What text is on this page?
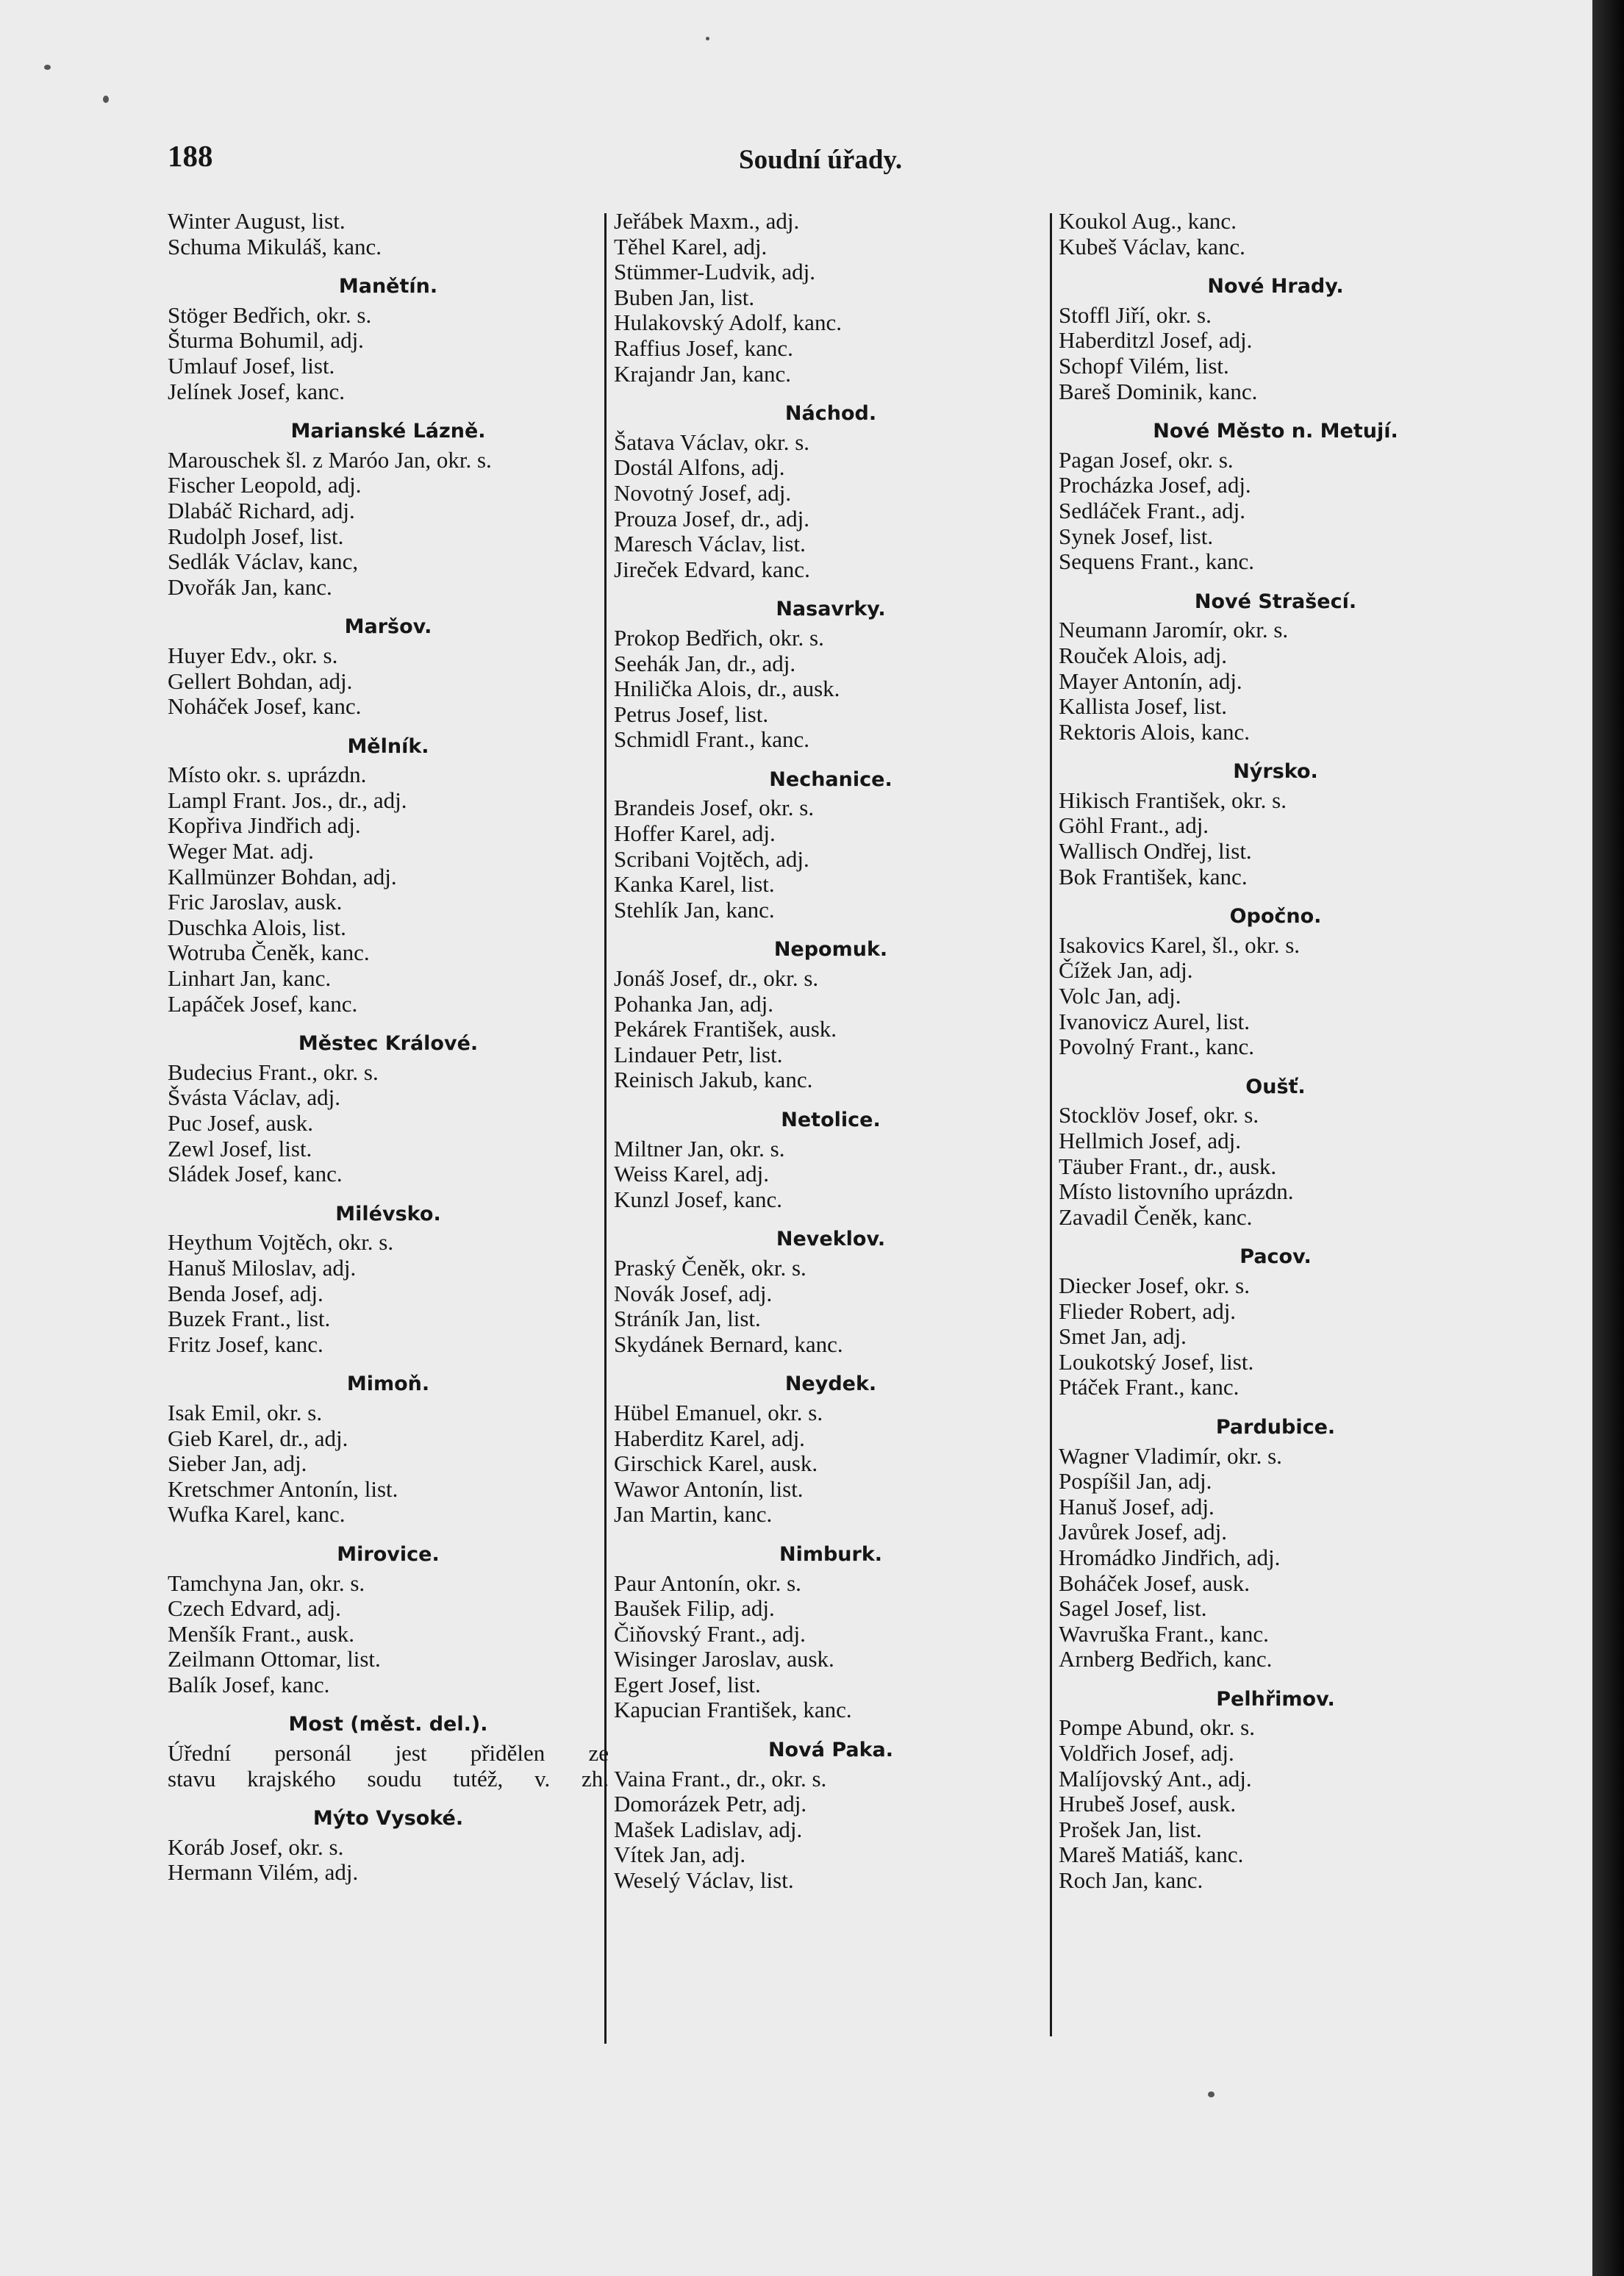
188	Soudní úřady.
Winter August, list.
Schuma Mikuláš, kanc.
Manětín.
Stöger Bedřich, okr. s.
Šturma Bohumil, adj.
Umlauf Josef, list.
Jelínek Josef, kanc.
Marianské Lázně.
Marouschek šl. z Maróo Jan, okr. s.
Fischer Leopold, adj.
Dlabáč Richard, adj.
Rudolph Josef, list.
Sedlák Václav, kanc,
Dvořák Jan, kanc.
Maršov.
Huyer Edv., okr. s.
Gellert Bohdan, adj.
Noháček Josef, kanc.
Mělník.
Místo okr. s. uprázdn.
Lampl Frant. Jos., dr., adj.
Kopřiva Jindřich adj.
Weger Mat. adj.
Kallmünzer Bohdan, adj.
Fric Jaroslav, ausk.
Duschka Alois, list.
Wotruba Čeněk, kanc.
Linhart Jan, kanc.
Lapáček Josef, kanc.
Městec Králové.
Budecius Frant., okr. s.
Švásta Václav, adj.
Puc Josef, ausk.
Zewl Josef, list.
Sládek Josef, kanc.
Milévsko.
Heythum Vojtěch, okr. s.
Hanuš Miloslav, adj.
Benda Josef, adj.
Buzek Frant., list.
Fritz Josef, kanc.
Mimoň.
Isak Emil, okr. s.
Gieb Karel, dr., adj.
Sieber Jan, adj.
Kretschmer Antonín, list.
Wufka Karel, kanc.
Mirovice.
Tamchyna Jan, okr. s.
Czech Edvard, adj.
Menšík Frant., ausk.
Zeilmann Ottomar, list.
Balík Josef, kanc.
Most (měst. del.).
Úřední personál jest přidělen ze
stavu krajského soudu tutéž, v. zh.
Mýto Vysoké.
Koráb Josef, okr. s.
Hermann Vilém, adj.
Jeřábek Maxm., adj.
Těhel Karel, adj.
Stümmer-Ludvik, adj.
Buben Jan, list.
Hulakovský Adolf, kanc.
Raffius Josef, kanc.
Krajandr Jan, kanc.
Náchod.
Šatava Václav, okr. s.
Dostál Alfons, adj.
Novotný Josef, adj.
Prouza Josef, dr., adj.
Maresch Václav, list.
Jireček Edvard, kanc.
Nasavrky.
Prokop Bedřich, okr. s.
Seehák Jan, dr., adj.
Hnilička Alois, dr., ausk.
Petrus Josef, list.
Schmidl Frant., kanc.
Nechanice.
Brandeis Josef, okr. s.
Hoffer Karel, adj.
Scribani Vojtěch, adj.
Kanka Karel, list.
Stehlík Jan, kanc.
Nepomuk.
Jonáš Josef, dr., okr. s.
Pohanka Jan, adj.
Pekárek František, ausk.
Lindauer Petr, list.
Reinisch Jakub, kanc.
Netolice.
Miltner Jan, okr. s.
Weiss Karel, adj.
Kunzl Josef, kanc.
Neveklov.
Praský Čeněk, okr. s.
Novák Josef, adj.
Stráník Jan, list.
Skydánek Bernard, kanc.
Neydek.
Hübel Emanuel, okr. s.
Haberditz Karel, adj.
Girschick Karel, ausk.
Wawor Antonín, list.
Jan Martin, kanc.
Nimburk.
Paur Antonín, okr. s.
Baušek Filip, adj.
Čiňovský Frant., adj.
Wisinger Jaroslav, ausk.
Egert Josef, list.
Kapucian František, kanc.
Nová Paka.
Vaina Frant., dr., okr. s.
Domorázek Petr, adj.
Mašek Ladislav, adj.
Vítek Jan, adj.
Weselý Václav, list.
Koukol Aug., kanc.
Kubeš Václav, kanc.
Nové Hrady.
Stoffl Jiří, okr. s.
Haberditzl Josef, adj.
Schopf Vilém, list.
Bareš Dominik, kanc.
Nové Město n. Metují.
Pagan Josef, okr. s.
Procházka Josef, adj.
Sedláček Frant., adj.
Synek Josef, list.
Sequens Frant., kanc.
Nové Strašecí.
Neumann Jaromír, okr. s.
Rouček Alois, adj.
Mayer Antonín, adj.
Kallista Josef, list.
Rektoris Alois, kanc.
Nýrsko.
Hikisch František, okr. s.
Göhl Frant., adj.
Wallisch Ondřej, list.
Bok František, kanc.
Opočno.
Isakovics Karel, šl., okr. s.
Čížek Jan, adj.
Volc Jan, adj.
Ivanovicz Aurel, list.
Povolný Frant., kanc.
Oušť.
Stocklöv Josef, okr. s.
Hellmich Josef, adj.
Täuber Frant., dr., ausk.
Místo listovního uprázdn.
Zavadil Čeněk, kanc.
Pacov.
Diecker Josef, okr. s.
Flieder Robert, adj.
Smet Jan, adj.
Loukotský Josef, list.
Ptáček Frant., kanc.
Pardubice.
Wagner Vladimír, okr. s.
Pospíšil Jan, adj.
Hanuš Josef, adj.
Javůrek Josef, adj.
Hromádko Jindřich, adj.
Boháček Josef, ausk.
Sagel Josef, list.
Wavruška Frant., kanc.
Arnberg Bedřich, kanc.
Pelhřimov.
Pompe Abund, okr. s.
Voldřich Josef, adj.
Malíjovský Ant., adj.
Hrubeš Josef, ausk.
Prošek Jan, list.
Mareš Matiáš, kanc.
Roch Jan, kanc.
